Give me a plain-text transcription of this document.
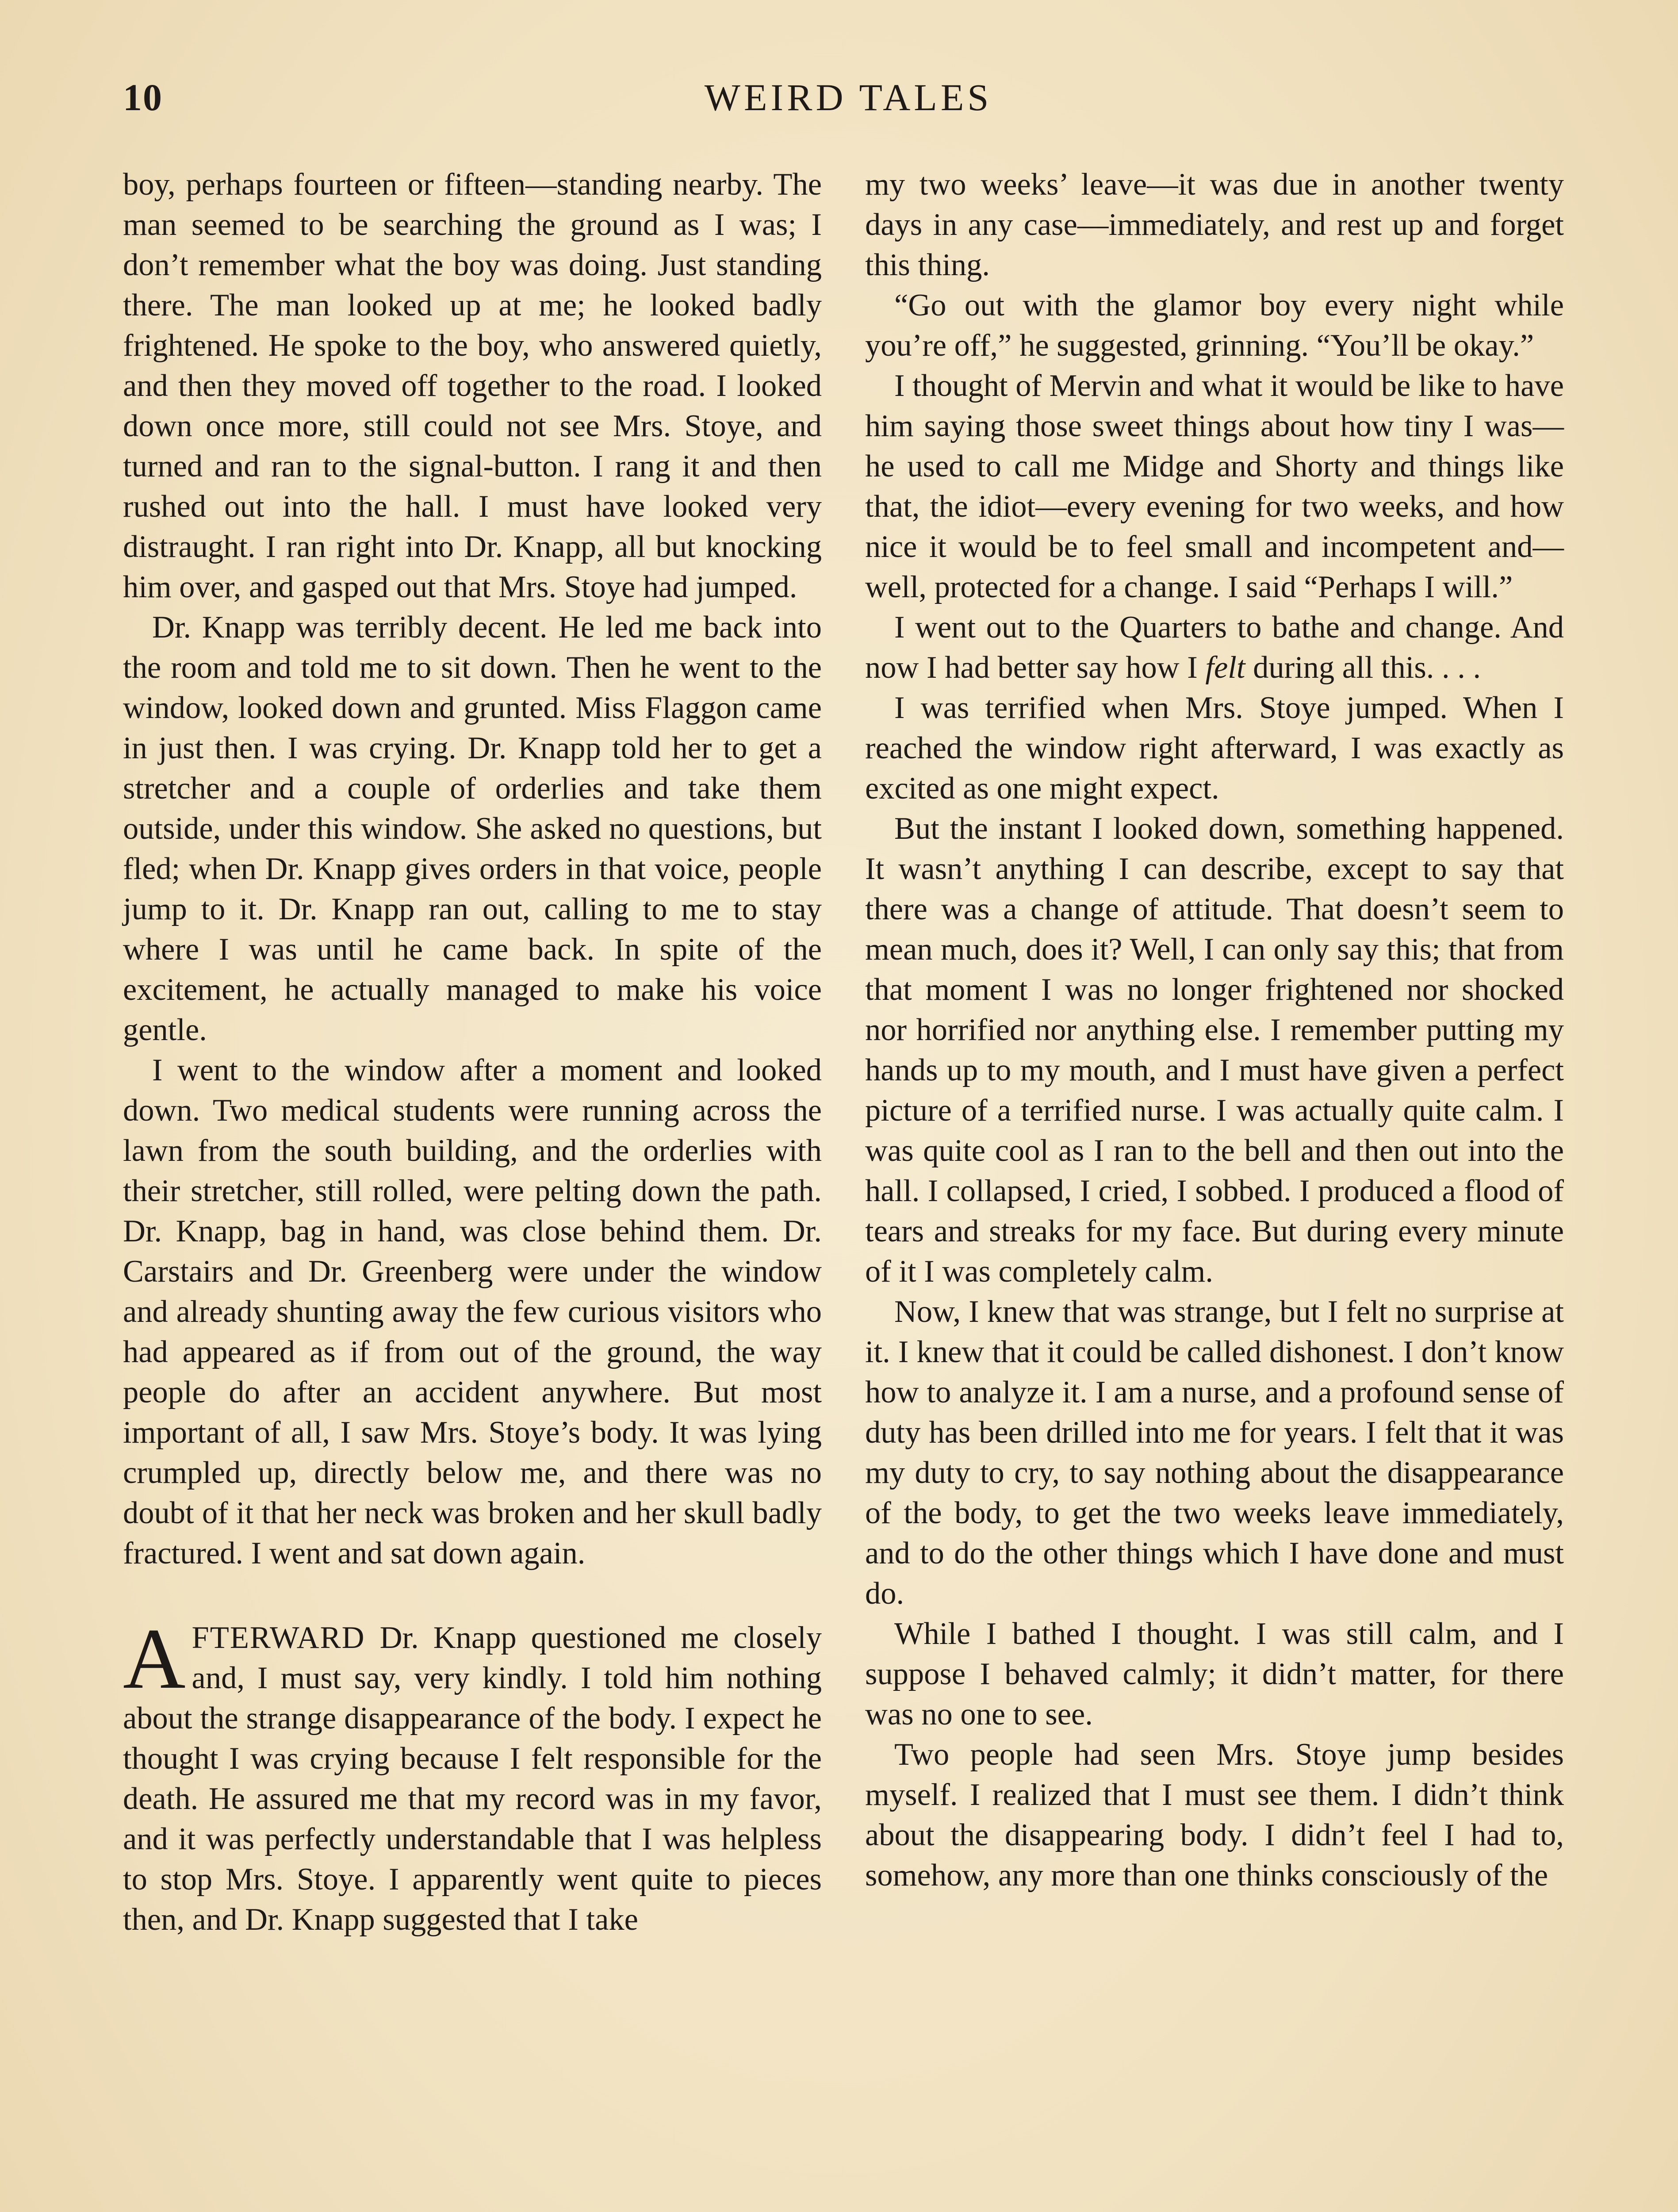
10	WEIRD TALES

boy, perhaps fourteen or fifteen—standing nearby. The man seemed to be searching the ground as I was; I don’t remember what the boy was doing. Just standing there. The man looked up at me; he looked badly frightened. He spoke to the boy, who answered quietly, and then they moved off together to the road. I looked down once more, still could not see Mrs. Stoye, and turned and ran to the signal-button. I rang it and then rushed out into the hall. I must have looked very distraught. I ran right into Dr. Knapp, all but knocking him over, and gasped out that Mrs. Stoye had jumped.

Dr. Knapp was terribly decent. He led me back into the room and told me to sit down. Then he went to the window, looked down and grunted. Miss Flaggon came in just then. I was crying. Dr. Knapp told her to get a stretcher and a couple of orderlies and take them outside, under this window. She asked no questions, but fled; when Dr. Knapp gives orders in that voice, people jump to it. Dr. Knapp ran out, calling to me to stay where I was until he came back. In spite of the excitement, he actually managed to make his voice gentle.

I went to the window after a moment and looked down. Two medical students were running across the lawn from the south building, and the orderlies with their stretcher, still rolled, were pelting down the path. Dr. Knapp, bag in hand, was close behind them. Dr. Carstairs and Dr. Greenberg were under the window and already shunting away the few curious visitors who had appeared as if from out of the ground, the way people do after an accident anywhere. But most important of all, I saw Mrs. Stoye’s body. It was lying crumpled up, directly below me, and there was no doubt of it that her neck was broken and her skull badly fractured. I went and sat down again.

AFTERWARD Dr. Knapp questioned me closely and, I must say, very kindly. I told him nothing about the strange disappearance of the body. I expect he thought I was crying because I felt responsible for the death. He assured me that my record was in my favor, and it was perfectly understandable that I was helpless to stop Mrs. Stoye. I apparently went quite to pieces then, and Dr. Knapp suggested that I take

my two weeks’ leave—it was due in another twenty days in any case—immediately, and rest up and forget this thing.

“Go out with the glamor boy every night while you’re off,” he suggested, grinning. “You’ll be okay.”

I thought of Mervin and what it would be like to have him saying those sweet things about how tiny I was—he used to call me Midge and Shorty and things like that, the idiot—every evening for two weeks, and how nice it would be to feel small and incompetent and—well, protected for a change. I said “Perhaps I will.”

I went out to the Quarters to bathe and change. And now I had better say how I felt during all this. . . .

I was terrified when Mrs. Stoye jumped. When I reached the window right afterward, I was exactly as excited as one might expect.

But the instant I looked down, something happened. It wasn’t anything I can describe, except to say that there was a change of attitude. That doesn’t seem to mean much, does it? Well, I can only say this; that from that moment I was no longer frightened nor shocked nor horrified nor anything else. I remember putting my hands up to my mouth, and I must have given a perfect picture of a terrified nurse. I was actually quite calm. I was quite cool as I ran to the bell and then out into the hall. I collapsed, I cried, I sobbed. I produced a flood of tears and streaks for my face. But during every minute of it I was completely calm.

Now, I knew that was strange, but I felt no surprise at it. I knew that it could be called dishonest. I don’t know how to analyze it. I am a nurse, and a profound sense of duty has been drilled into me for years. I felt that it was my duty to cry, to say nothing about the disappearance of the body, to get the two weeks leave immediately, and to do the other things which I have done and must do.

While I bathed I thought. I was still calm, and I suppose I behaved calmly; it didn’t matter, for there was no one to see.

Two people had seen Mrs. Stoye jump besides myself. I realized that I must see them. I didn’t think about the disappearing body. I didn’t feel I had to, somehow, any more than one thinks consciously of the
